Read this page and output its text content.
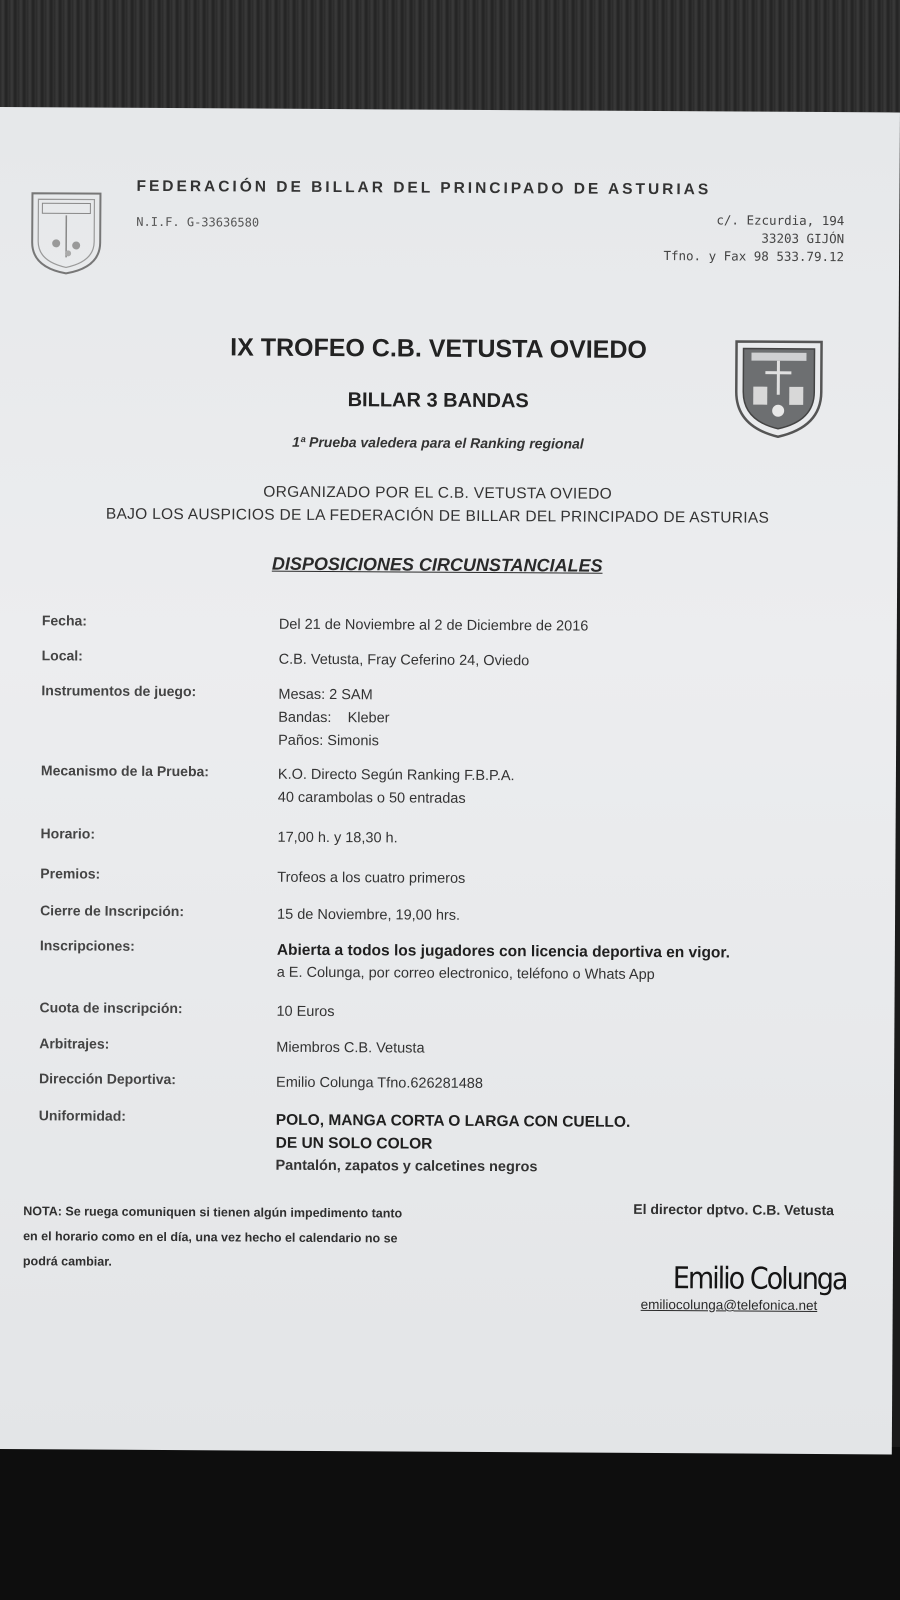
FEDERACIÓN DE BILLAR DEL PRINCIPADO DE ASTURIAS
N.I.F. G-33636580	c/. Ezcurdia, 194
33203 GIJÓN
Tfno. y Fax 98 533.79.12
IX TROFEO C.B. VETUSTA OVIEDO
BILLAR 3 BANDAS
1ª Prueba valedera para el Ranking regional
ORGANIZADO POR EL C.B. VETUSTA OVIEDO
BAJO LOS AUSPICIOS DE LA FEDERACIÓN DE BILLAR DEL PRINCIPADO DE ASTURIAS
DISPOSICIONES CIRCUNSTANCIALES
Fecha:	Del 21 de Noviembre al 2 de Diciembre de 2016
Local:	C.B. Vetusta, Fray Ceferino 24, Oviedo
Instrumentos de juego:	Mesas: 2 SAM
Bandas:    Kleber
Paños: Simonis
Mecanismo de la Prueba:	K.O. Directo Según Ranking F.B.P.A.
40 carambolas o 50 entradas
Horario:	17,00 h. y 18,30 h.
Premios:	Trofeos a los cuatro primeros
Cierre de Inscripción:	15 de Noviembre, 19,00 hrs.
Inscripciones:	Abierta a todos los jugadores con licencia deportiva en vigor.
a E. Colunga, por correo electronico, teléfono o Whats App
Cuota de inscripción:	10 Euros
Arbitrajes:	Miembros C.B. Vetusta
Dirección Deportiva:	Emilio Colunga Tfno.626281488
Uniformidad:	POLO, MANGA CORTA O LARGA CON CUELLO.
DE UN SOLO COLOR
Pantalón, zapatos y calcetines negros
NOTA: Se ruega comuniquen si tienen algún impedimento tanto
en el horario como en el día, una vez hecho el calendario no se
podrá cambiar.
El director dptvo. C.B. Vetusta
Emilio Colunga
emiliocolunga@telefonica.net
